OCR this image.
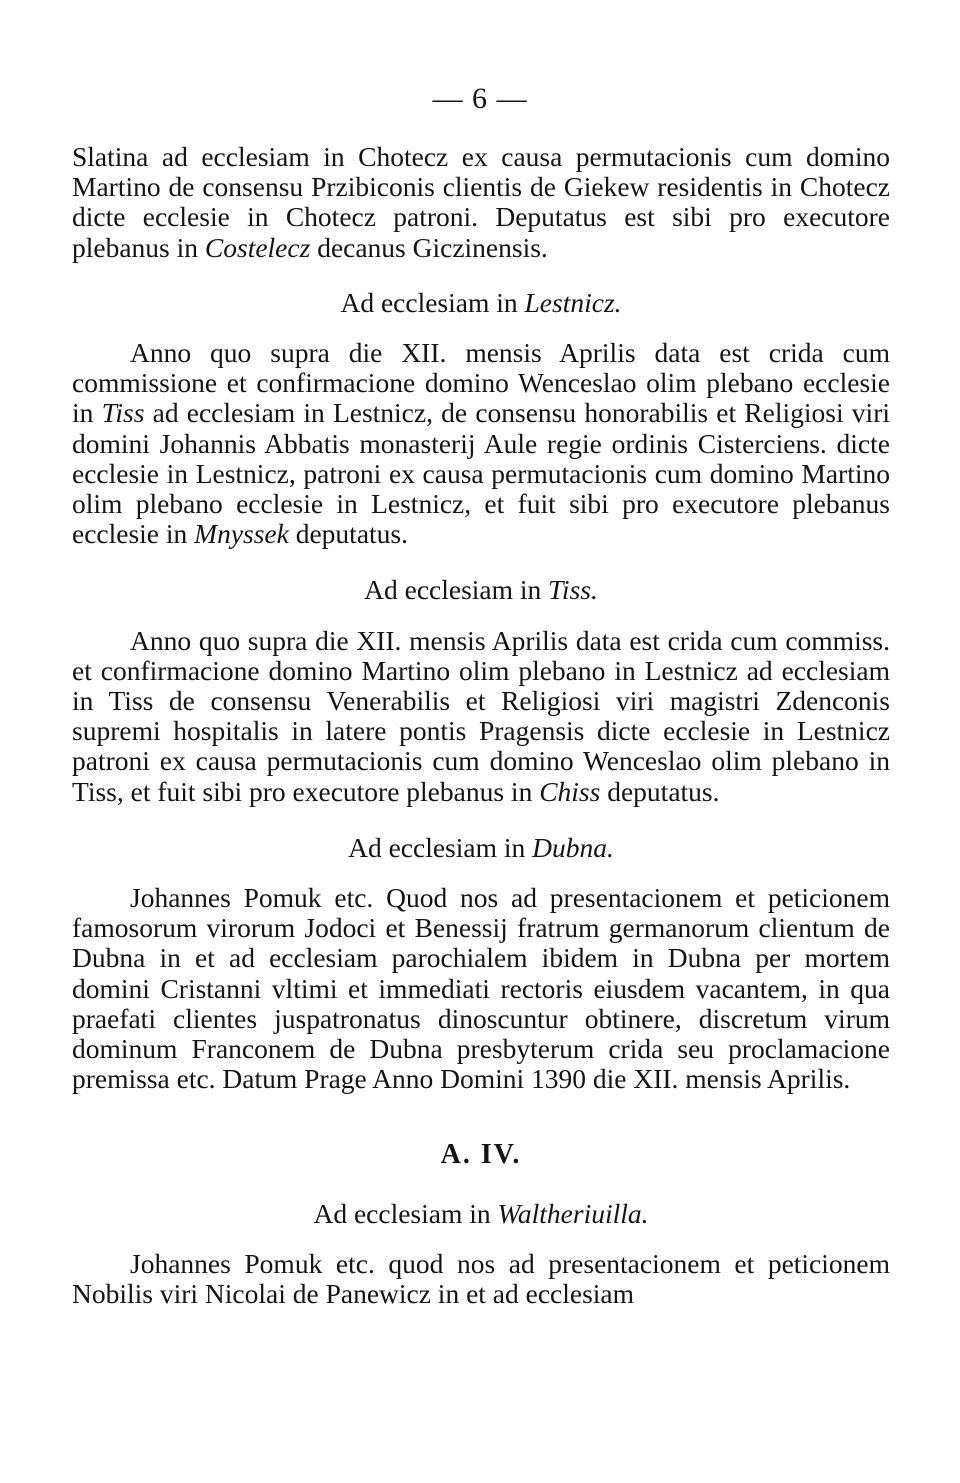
— 6 —

Slatina ad ecclesiam in Chotecz ex causa permutacionis cum domino Martino de consensu Przibiconis clientis de Giekew residentis in Chotecz dicte ecclesie in Chotecz patroni. Deputatus est sibi pro executore plebanus in Costelecz decanus Giczinensis.

Ad ecclesiam in Lestnicz.

Anno quo supra die XII. mensis Aprilis data est crida cum commissione et confirmacione domino Wenceslao olim plebano ecclesie in Tiss ad ecclesiam in Lestnicz, de consensu honorabilis et Religiosi viri domini Johannis Abbatis monasterij Aule regie ordinis Cisterciens. dicte ecclesie in Lestnicz, patroni ex causa permutacionis cum domino Martino olim plebano ecclesie in Lestnicz, et fuit sibi pro executore plebanus ecclesie in Mnyssek deputatus.

Ad ecclesiam in Tiss.

Anno quo supra die XII. mensis Aprilis data est crida cum commiss. et confirmacione domino Martino olim plebano in Lestnicz ad ecclesiam in Tiss de consensu Venerabilis et Religiosi viri magistri Zdenconis supremi hospitalis in latere pontis Pragensis dicte ecclesie in Lestnicz patroni ex causa permutacionis cum domino Wenceslao olim plebano in Tiss, et fuit sibi pro executore plebanus in Chiss deputatus.

Ad ecclesiam in Dubna.

Johannes Pomuk etc. Quod nos ad presentacionem et peticionem famosorum virorum Jodoci et Benessij fratrum germanorum clientum de Dubna in et ad ecclesiam parochialem ibidem in Dubna per mortem domini Cristanni vltimi et immediati rectoris eiusdem vacantem, in qua praefati clientes juspatronatus dinoscuntur obtinere, discretum virum dominum Franconem de Dubna presbyterum crida seu proclamacione premissa etc. Datum Prage Anno Domini 1390 die XII. mensis Aprilis.

A. IV.

Ad ecclesiam in Waltheriuilla.

Johannes Pomuk etc. quod nos ad presentacionem et peticionem Nobilis viri Nicolai de Panewicz in et ad ecclesiam
